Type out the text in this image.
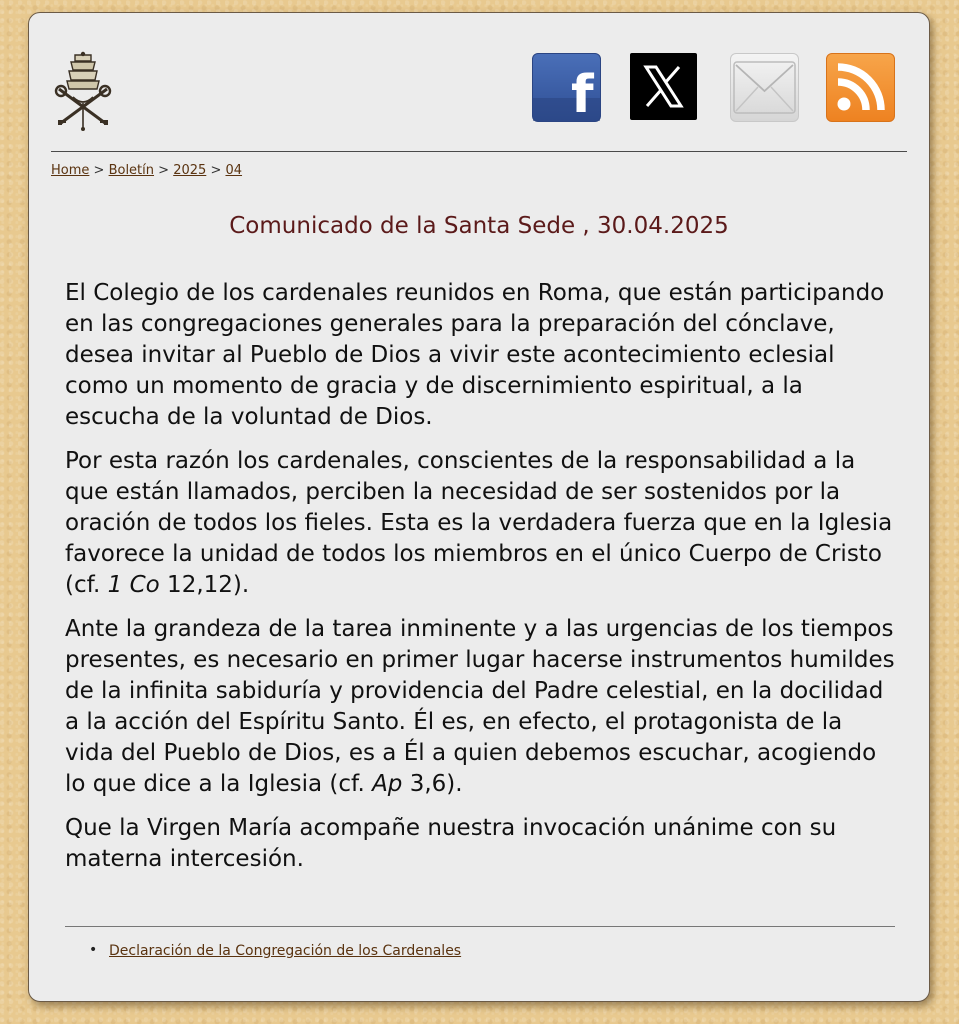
f
Home > Boletín > 2025 > 04
Comunicado de la Santa Sede , 30.04.2025

El Colegio de los cardenales reunidos en Roma, que están participando en las congregaciones generales para la preparación del cónclave, desea invitar al Pueblo de Dios a vivir este acontecimiento eclesial como un momento de gracia y de discernimiento espiritual, a la escucha de la voluntad de Dios.

Por esta razón los cardenales, conscientes de la responsabilidad a la que están llamados, perciben la necesidad de ser sostenidos por la oración de todos los fieles. Esta es la verdadera fuerza que en la Iglesia favorece la unidad de todos los miembros en el único Cuerpo de Cristo (cf. 1 Co 12,12).

Ante la grandeza de la tarea inminente y a las urgencias de los tiempos presentes, es necesario en primer lugar hacerse instrumentos humildes de la infinita sabiduría y providencia del Padre celestial, en la docilidad a la acción del Espíritu Santo. Él es, en efecto, el protagonista de la vida del Pueblo de Dios, es a Él a quien debemos escuchar, acogiendo lo que dice a la Iglesia (cf. Ap 3,6).

Que la Virgen María acompañe nuestra invocación unánime con su materna intercesión.

• Declaración de la Congregación de los Cardenales
